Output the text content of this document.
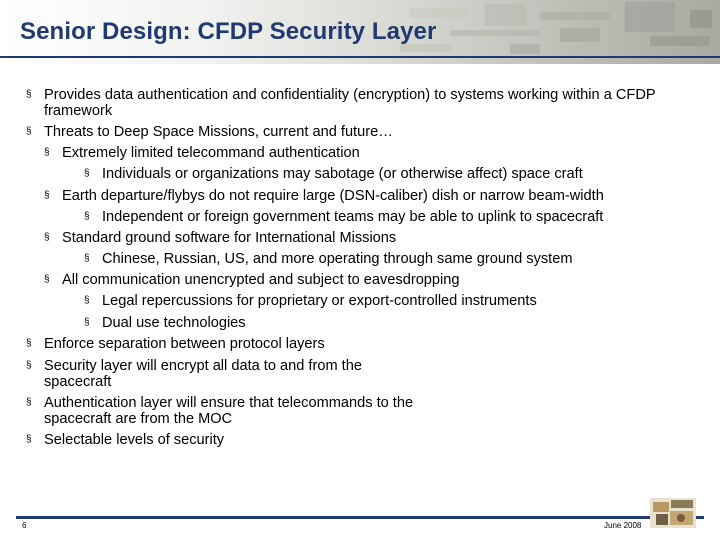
Senior Design: CFDP Security Layer
§ Provides data authentication and confidentiality (encryption) to systems working within a CFDP framework
§ Threats to Deep Space Missions, current and future…
§ Extremely limited telecommand authentication
§ Individuals or organizations may sabotage (or otherwise affect) space craft
§ Earth departure/flybys do not require large (DSN-caliber) dish or narrow beam-width
§ Independent or foreign government teams may be able to uplink to spacecraft
§ Standard ground software for International Missions
§ Chinese, Russian, US, and more operating through same ground system
§ All communication unencrypted and subject to eavesdropping
§ Legal repercussions for proprietary or export-controlled instruments
§ Dual use technologies
§ Enforce separation between protocol layers
§ Security layer will encrypt all data to and from the spacecraft
§ Authentication layer will ensure that telecommands to the spacecraft are from the MOC
§ Selectable levels of security
6	June 2008
